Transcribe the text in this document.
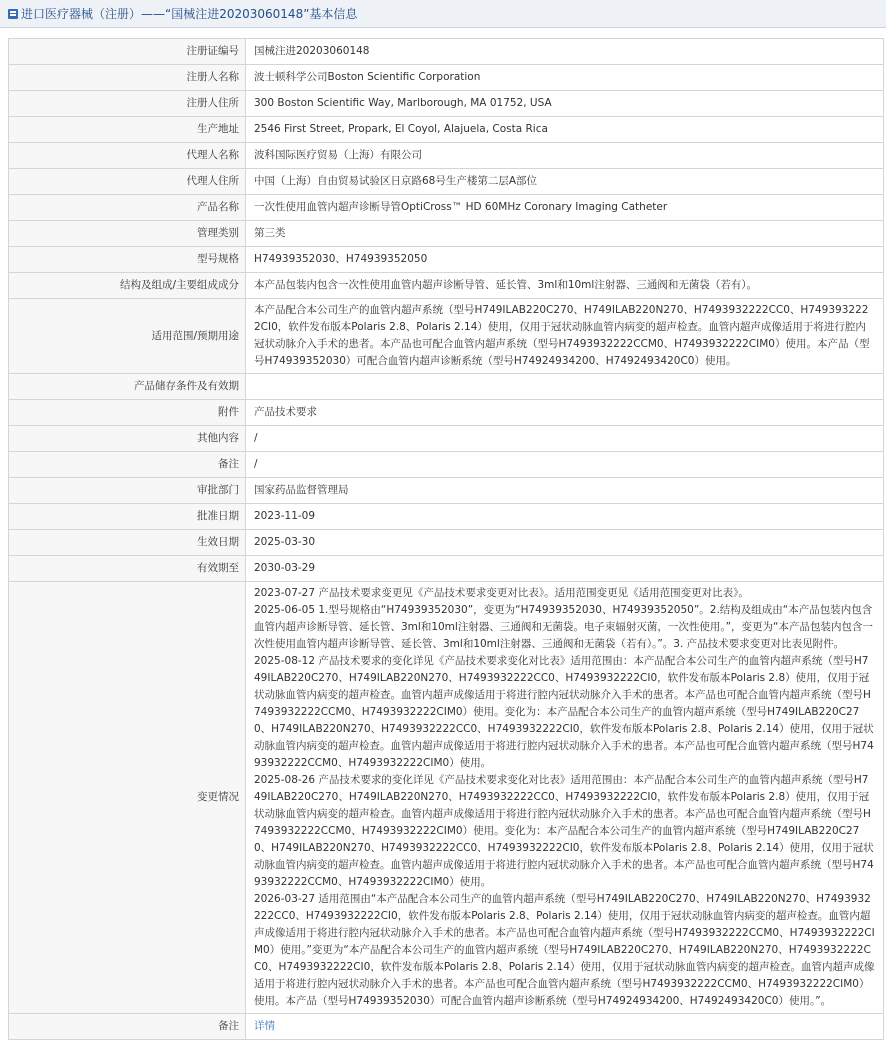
进口医疗器械（注册）——“国械注进20203060148”基本信息
注册证编号	国械注进20203060148
注册人名称	波士顿科学公司Boston Scientific Corporation
注册人住所	300 Boston Scientific Way, Marlborough, MA 01752, USA
生产地址	2546 First Street, Propark, El Coyol, Alajuela, Costa Rica
代理人名称	波科国际医疗贸易（上海）有限公司
代理人住所	中国（上海）自由贸易试验区日京路68号生产楼第二层A部位
产品名称	一次性使用血管内超声诊断导管OptiCross™ HD 60MHz Coronary Imaging Catheter
管理类别	第三类
型号规格	H74939352030、H74939352050
结构及组成/主要组成成分	本产品包装内包含一次性使用血管内超声诊断导管、延长管、3ml和10ml注射器、三通阀和无菌袋（若有）。
适用范围/预期用途	本产品配合本公司生产的血管内超声系统（型号H749ILAB220C270、H749ILAB220N270、H7493932222CC0、H7493932222CI0，软件发布版本Polaris 2.8、Polaris 2.14）使用，仅用于冠状动脉血管内病变的超声检查。血管内超声成像适用于将进行腔内冠状动脉介入手术的患者。本产品也可配合血管内超声系统（型号H7493932222CCM0、H7493932222CIM0）使用。本产品（型号H74939352030）可配合血管内超声诊断系统（型号H74924934200、H7492493420C0）使用。
产品储存条件及有效期	
附件	产品技术要求
其他内容	/
备注	/
审批部门	国家药品监督管理局
批准日期	2023-11-09
生效日期	2025-03-30
有效期至	2030-03-29
变更情况	2023-07-27 产品技术要求变更见《产品技术要求变更对比表》。适用范围变更见《适用范围变更对比表》。
2025-06-05 1.型号规格由“H74939352030”，变更为“H74939352030、H74939352050”。2.结构及组成由“本产品包装内包含血管内超声诊断导管、延长管、3ml和10ml注射器、三通阀和无菌袋。电子束辐射灭菌，一次性使用。”，变更为“本产品包装内包含一次性使用血管内超声诊断导管、延长管、3ml和10ml注射器、三通阀和无菌袋（若有）。”。3. 产品技术要求变更对比表见附件。
2025-08-12 产品技术要求的变化详见《产品技术要求变化对比表》适用范围由：本产品配合本公司生产的血管内超声系统（型号H749ILAB220C270、H749ILAB220N270、H7493932222CC0、H7493932222CI0，软件发布版本Polaris 2.8）使用，仅用于冠状动脉血管内病变的超声检查。血管内超声成像适用于将进行腔内冠状动脉介入手术的患者。本产品也可配合血管内超声系统（型号H7493932222CCM0、H7493932222CIM0）使用。变化为：本产品配合本公司生产的血管内超声系统（型号H749ILAB220C270、H749ILAB220N270、H7493932222CC0、H7493932222CI0，软件发布版本Polaris 2.8、Polaris 2.14）使用，仅用于冠状动脉血管内病变的超声检查。血管内超声成像适用于将进行腔内冠状动脉介入手术的患者。本产品也可配合血管内超声系统（型号H7493932222CCM0、H7493932222CIM0）使用。
2025-08-26 产品技术要求的变化详见《产品技术要求变化对比表》适用范围由：本产品配合本公司生产的血管内超声系统（型号H749ILAB220C270、H749ILAB220N270、H7493932222CC0、H7493932222CI0，软件发布版本Polaris 2.8）使用，仅用于冠状动脉血管内病变的超声检查。血管内超声成像适用于将进行腔内冠状动脉介入手术的患者。本产品也可配合血管内超声系统（型号H7493932222CCM0、H7493932222CIM0）使用。变化为：本产品配合本公司生产的血管内超声系统（型号H749ILAB220C270、H749ILAB220N270、H7493932222CC0、H7493932222CI0，软件发布版本Polaris 2.8、Polaris 2.14）使用，仅用于冠状动脉血管内病变的超声检查。血管内超声成像适用于将进行腔内冠状动脉介入手术的患者。本产品也可配合血管内超声系统（型号H7493932222CCM0、H7493932222CIM0）使用。
2026-03-27 适用范围由“本产品配合本公司生产的血管内超声系统（型号H749ILAB220C270、H749ILAB220N270、H7493932222CC0、H7493932222CI0，软件发布版本Polaris 2.8、Polaris 2.14）使用，仅用于冠状动脉血管内病变的超声检查。血管内超声成像适用于将进行腔内冠状动脉介入手术的患者。本产品也可配合血管内超声系统（型号H7493932222CCM0、H7493932222CIM0）使用。”变更为“本产品配合本公司生产的血管内超声系统（型号H749ILAB220C270、H749ILAB220N270、H7493932222CC0、H7493932222CI0，软件发布版本Polaris 2.8、Polaris 2.14）使用，仅用于冠状动脉血管内病变的超声检查。血管内超声成像适用于将进行腔内冠状动脉介入手术的患者。本产品也可配合血管内超声系统（型号H7493932222CCM0、H7493932222CIM0）使用。本产品（型号H74939352030）可配合血管内超声诊断系统（型号H74924934200、H7492493420C0）使用。”。

备注	详情
